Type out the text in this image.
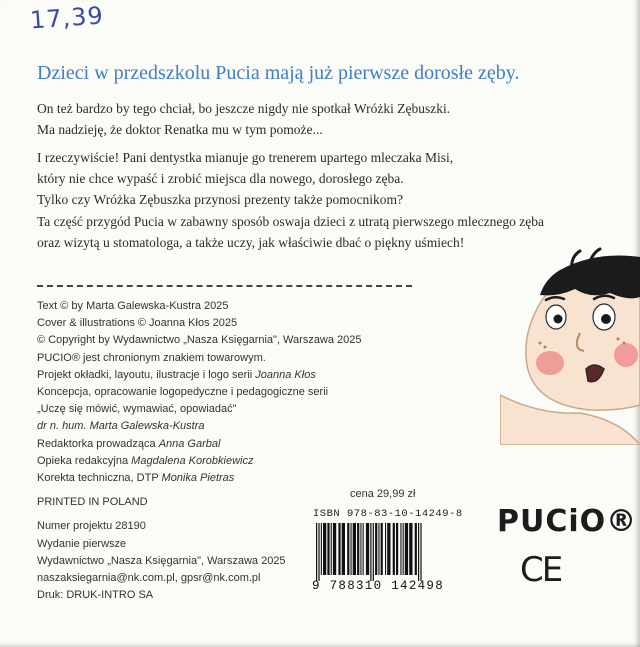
17,39
Dzieci w przedszkolu Pucia mają już pierwsze dorosłe zęby.

On też bardzo by tego chciał, bo jeszcze nigdy nie spotkał Wróżki Zębuszki.
Ma nadzieję, że doktor Renatka mu w tym pomoże...

I rzeczywiście! Pani dentystka mianuje go trenerem upartego mleczaka Misi,
który nie chce wypaść i zrobić miejsca dla nowego, dorosłego zęba.
Tylko czy Wróżka Zębuszka przynosi prezenty także pomocnikom?

Ta część przygód Pucia w zabawny sposób oswaja dzieci z utratą pierwszego mlecznego zęba
oraz wizytą u stomatologa, a także uczy, jak właściwie dbać o piękny uśmiech!

Text © by Marta Galewska-Kustra 2025
Cover & illustrations © Joanna Kłos 2025
© Copyright by Wydawnictwo „Nasza Księgarnia", Warszawa 2025
PUCIO® jest chronionym znakiem towarowym.
Projekt okładki, layoutu, ilustracje i logo serii Joanna Kłos
Koncepcja, opracowanie logopedyczne i pedagogiczne serii
„Uczę się mówić, wymawiać, opowiadać"
dr n. hum. Marta Galewska-Kustra
Redaktorka prowadząca Anna Garbal
Opieka redakcyjna Magdalena Korobkiewicz
Korekta techniczna, DTP Monika Pietras
PRINTED IN POLAND
Numer projektu 28190
Wydanie pierwsze
Wydawnictwo „Nasza Księgarnia", Warszawa 2025
naszaksiegarnia@nk.com.pl, gpsr@nk.com.pl
Druk: DRUK-INTRO SA
cena 29,99 zł
ISBN 978-83-10-14249-8
9 788310 142498
PUCiO®
CE
